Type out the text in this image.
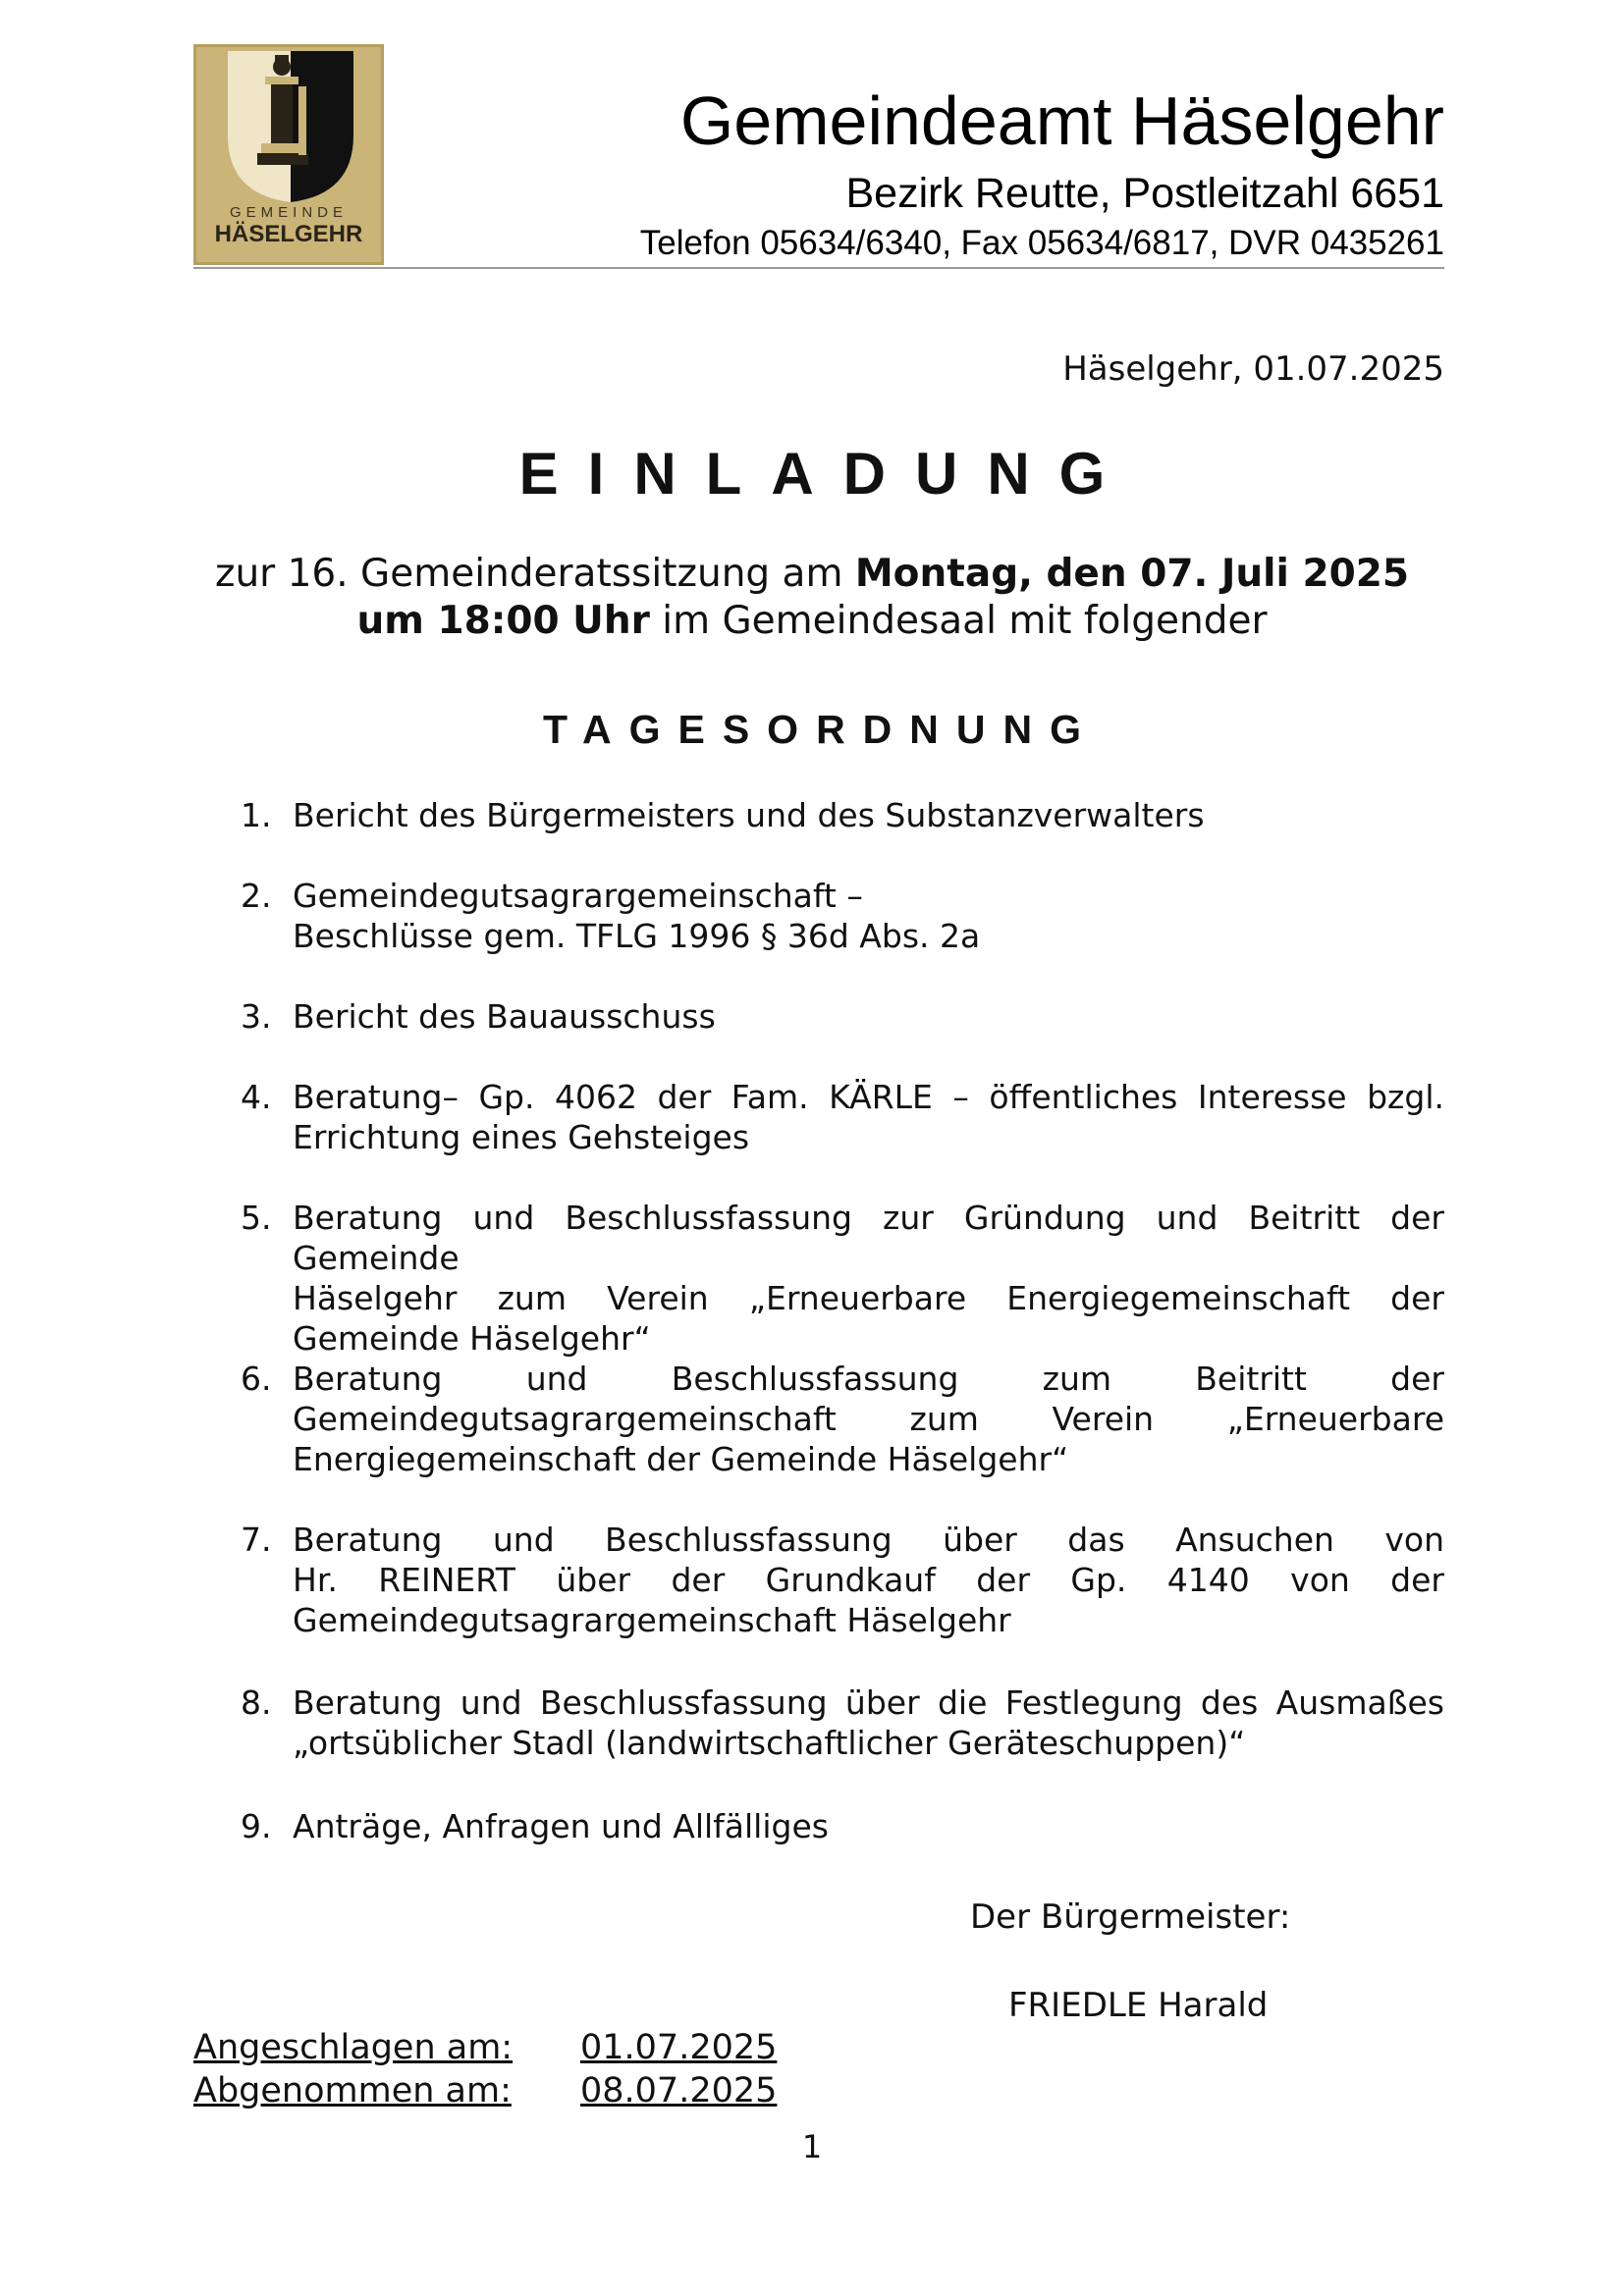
GEMEINDE
HÄSELGEHR
Gemeindeamt Häselgehr
Bezirk Reutte, Postleitzahl 6651
Telefon 05634/6340, Fax 05634/6817, DVR 0435261
Häselgehr, 01.07.2025
EINLADUNG
zur 16. Gemeinderatssitzung am Montag, den 07. Juli 2025
um 18:00 Uhr im Gemeindesaal mit folgender
TAGESORDNUNG
1. Bericht des Bürgermeisters und des Substanzverwalters
2. Gemeindegutsagrargemeinschaft –
Beschlüsse gem. TFLG 1996 § 36d Abs. 2a
3. Bericht des Bauausschuss
4. Beratung– Gp. 4062 der Fam. KÄRLE – öffentliches Interesse bzgl.
Errichtung eines Gehsteiges
5. Beratung und Beschlussfassung zur Gründung und Beitritt der Gemeinde
Häselgehr zum Verein „Erneuerbare Energiegemeinschaft der
Gemeinde Häselgehr“
6. Beratung und Beschlussfassung zum Beitritt der
Gemeindegutsagrargemeinschaft zum Verein „Erneuerbare
Energiegemeinschaft der Gemeinde Häselgehr“
7. Beratung und Beschlussfassung über das Ansuchen von
Hr. REINERT über der Grundkauf der Gp. 4140 von der
Gemeindegutsagrargemeinschaft Häselgehr
8. Beratung und Beschlussfassung über die Festlegung des Ausmaßes
„ortsüblicher Stadl (landwirtschaftlicher Geräteschuppen)“
9. Anträge, Anfragen und Allfälliges
Der Bürgermeister:
FRIEDLE Harald
Angeschlagen am: 01.07.2025
Abgenommen am: 08.07.2025
1
